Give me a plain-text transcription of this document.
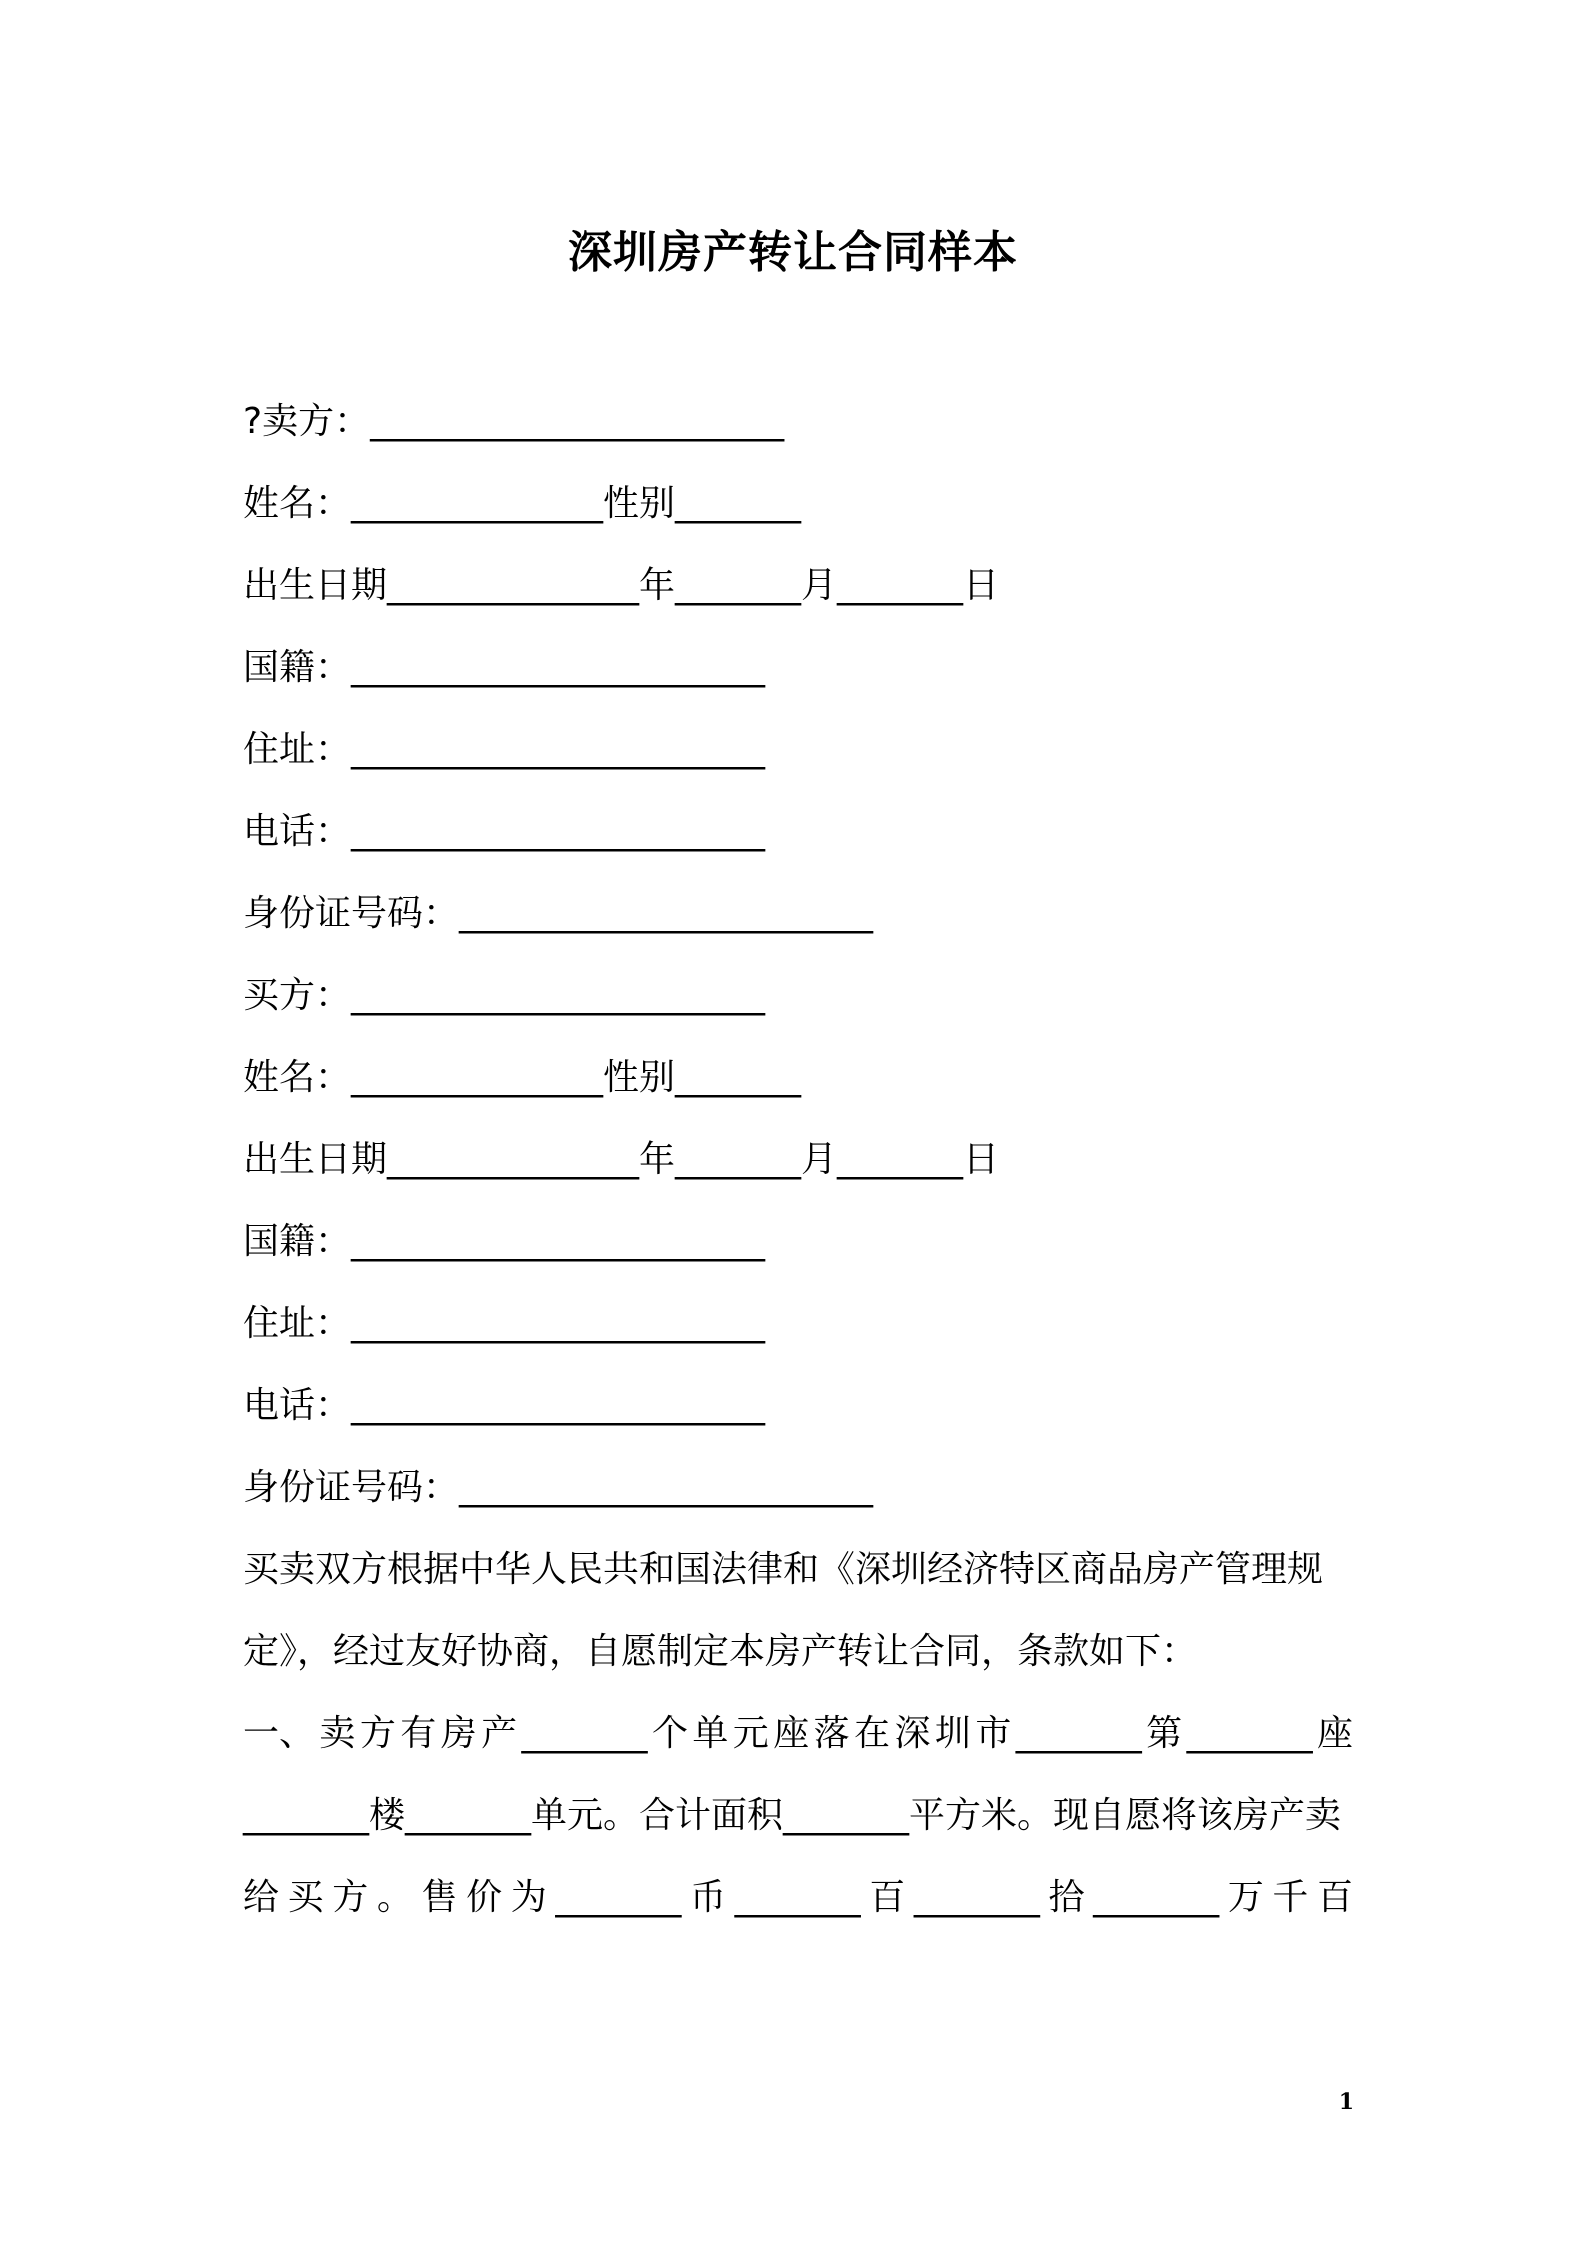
深圳房产转让合同样本
?卖方：_______________________
姓名：______________性别_______
出生日期______________年_______月_______日
国籍：_______________________
住址：_______________________
电话：_______________________
身份证号码：_______________________
买方：_______________________
姓名：______________性别_______
出生日期______________年_______月_______日
国籍：_______________________
住址：_______________________
电话：_______________________
身份证号码：_______________________
买卖双方根据中华人民共和国法律和《深圳经济特区商品房产管理规
定》，经过友好协商，自愿制定本房产转让合同，条款如下：
一、 卖 方 有 房 产 _______ 个 单 元 座 落 在 深 圳 市 _______ 第 _______ 座
_______楼_______单元。合计面积_______平方米。现自愿将该房产卖
给 买 方 。 售 价 为 _______ 币 _______ 百 _______ 拾 _______ 万 千 百
1
